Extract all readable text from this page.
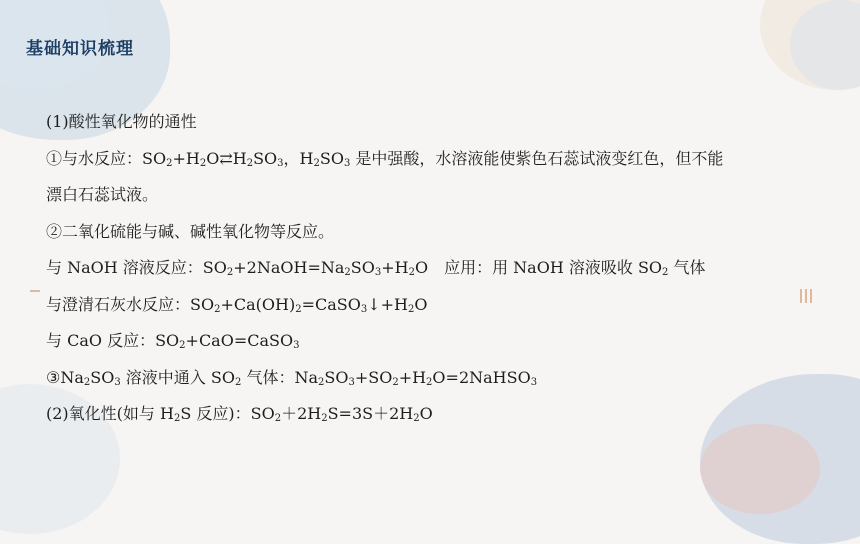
基础知识梳理
(1)酸性氧化物的通性
①与水反应：$SO_2+H_2O⇄H_2SO_3$，$H_2SO_3$ 是中强酸，水溶液能使紫色石蕊试液变红色，但不能
漂白石蕊试液。
②二氧化硫能与碱、碱性氧化物等反应。
与 NaOH 溶液反应：$SO_2+2NaOH=Na_2SO_3+H_2O$　应用：用 NaOH 溶液吸收 $SO_2$ 气体
与澄清石灰水反应：$SO_2+Ca(OH)_2=CaSO_3↓+H_2O$
与 CaO 反应：$SO_2+CaO=CaSO_3$
$③Na_2SO_3$ 溶液中通入 $SO_2$ 气体：$Na_2SO_3+SO_2+H_2O=2NaHSO_3$
(2)氧化性(如与 $H_2S$ 反应)：$SO_2+2H_2S=3S+2H_2O$
